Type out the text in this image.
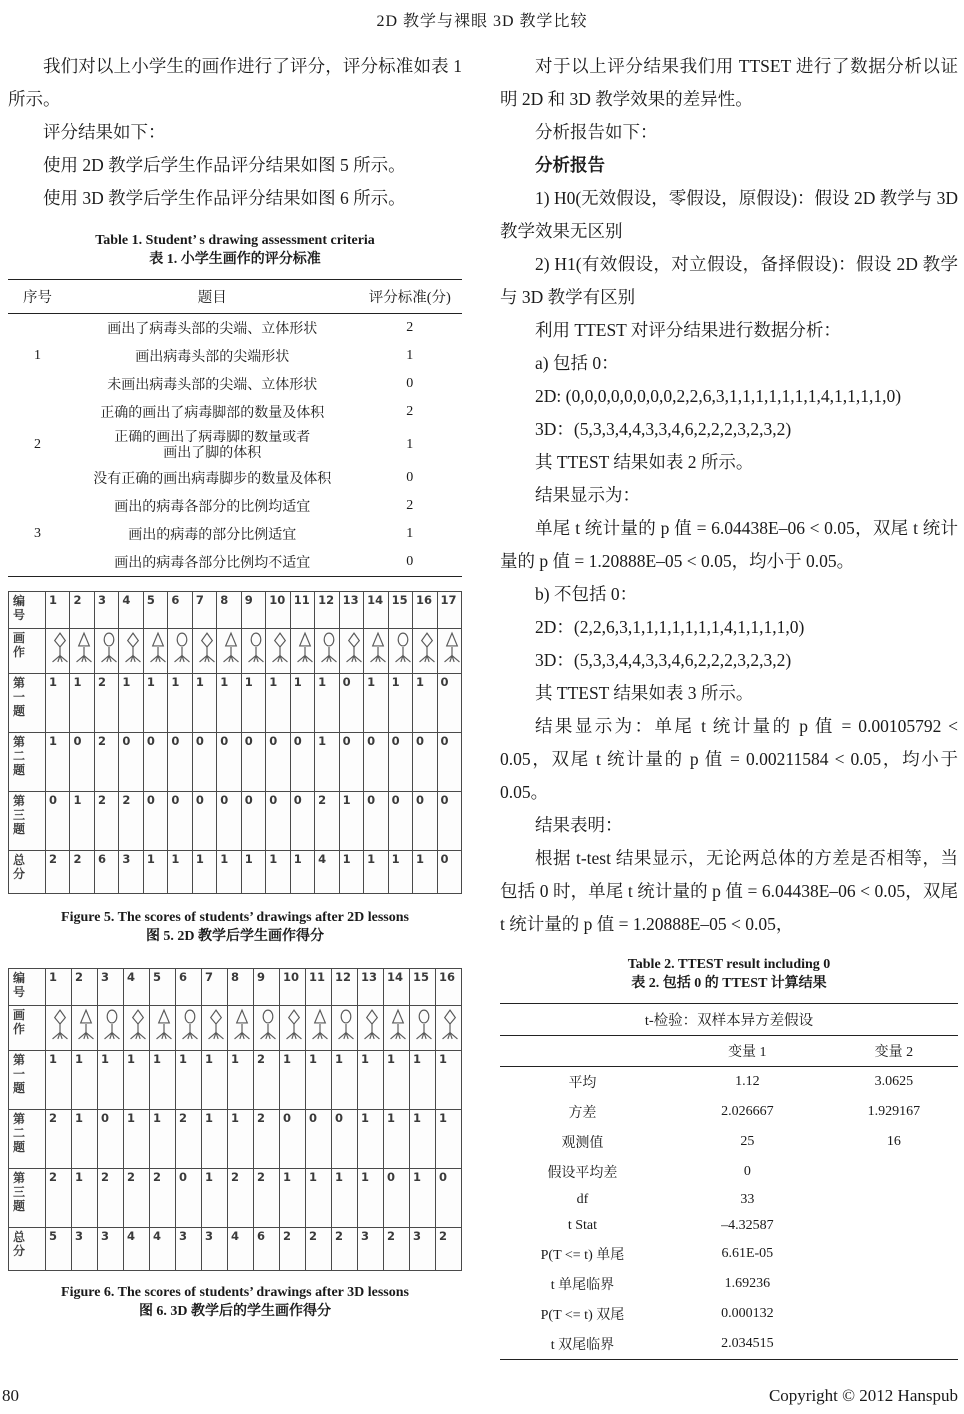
2D 教学与裸眼 3D 教学比较

我们对以上小学生的画作进行了评分，评分标准如表 1 所示。

评分结果如下：

使用 2D 教学后学生作品评分结果如图 5 所示。

使用 3D 教学后学生作品评分结果如图 6 所示。

Table 1. Student’ s drawing assessment criteria

表 1. 小学生画作的评分标准

序号	题目	评分标准(分)
	画出了病毒头部的尖端、立体形状	2
1	画出病毒头部的尖端形状	1
	未画出病毒头部的尖端、立体形状	0
	正确的画出了病毒脚部的数量及体积	2
2	正确的画出了病毒脚的数量或者
画出了脚的体积	1
	没有正确的画出病毒脚步的数量及体积	0
	画出的病毒各部分的比例均适宜	2
3	画出的病毒的部分比例适宜	1
	画出的病毒各部分比例均不适宜	0
编
号	1	2	3	4	5	6	7	8	9	10	11	12	13	14	15	16	17
画
作	

第
一
题	1	1	2	1	1	1	1	1	1	1	1	1	0	1	1	1	0
第
二
题	1	0	2	0	0	0	0	0	0	0	0	1	0	0	0	0	0
第
三
题	0	1	2	2	0	0	0	0	0	0	0	2	1	0	0	0	0
总
分	2	2	6	3	1	1	1	1	1	1	1	4	1	1	1	1	0

Figure 5. The scores of students’ drawings after 2D lessons

图 5. 2D 教学后学生画作得分

编
号	1	2	3	4	5	6	7	8	9	10	11	12	13	14	15	16
画
作	

第
一
题	1	1	1	1	1	1	1	1	2	1	1	1	1	1	1	1
第
二
题	2	1	0	1	1	2	1	1	2	0	0	0	1	1	1	1
第
三
题	2	1	2	2	2	0	1	2	2	1	1	1	1	0	1	0
总
分	5	3	3	4	4	3	3	4	6	2	2	2	3	2	3	2

Figure 6. The scores of students’ drawings after 3D lessons

图 6. 3D 教学后的学生画作得分

对于以上评分结果我们用 TTSET 进行了数据分析以证明 2D 和 3D 教学效果的差异性。

分析报告如下：

分析报告

1) H0(无效假设，零假设，原假设)：假设 2D 教学与 3D 教学效果无区别

2) H1(有效假设，对立假设，备择假设)：假设 2D 教学与 3D 教学有区别

利用 TTEST 对评分结果进行数据分析：

a) 包括 0：

2D: (0,0,0,0,0,0,0,0,2,2,6,3,1,1,1,1,1,1,1,4,1,1,1,1,0)

3D：(5,3,3,4,4,3,3,4,6,2,2,2,3,2,3,2)

其 TTEST 结果如表 2 所示。

结果显示为：

单尾 t 统计量的 p 值 = 6.04438E–06 < 0.05，双尾 t 统计量的 p 值 = 1.20888E–05 < 0.05，均小于 0.05。

b) 不包括 0：

2D：(2,2,6,3,1,1,1,1,1,1,1,4,1,1,1,1,0)

3D：(5,3,3,4,4,3,3,4,6,2,2,2,3,2,3,2)

其 TTEST 结果如表 3 所示。

结果显示为：单尾 t 统计量的 p 值 = 0.00105792 < 0.05，双尾 t 统计量的 p 值 = 0.00211584 < 0.05，均小于 0.05。

结果表明：

根据 t-test 结果显示，无论两总体的方差是否相等，当包括 0 时，单尾 t 统计量的 p 值 = 6.04438E–06 < 0.05，双尾 t 统计量的 p 值 = 1.20888E–05 < 0.05，

Table 2. TTEST result including 0

表 2. 包括 0 的 TTEST 计算结果

t-检验：双样本异方差假设		
	变量 1	变量 2
平均	1.12	3.0625
方差	2.026667	1.929167
观测值	25	16
假设平均差	0	
df	33	
t Stat	–4.32587	
P(T <= t) 单尾	6.61E-05	
t 单尾临界	1.69236	
P(T <= t) 双尾	0.000132	
t 双尾临界	2.034515	
80	Copyright © 2012 Hanspub
